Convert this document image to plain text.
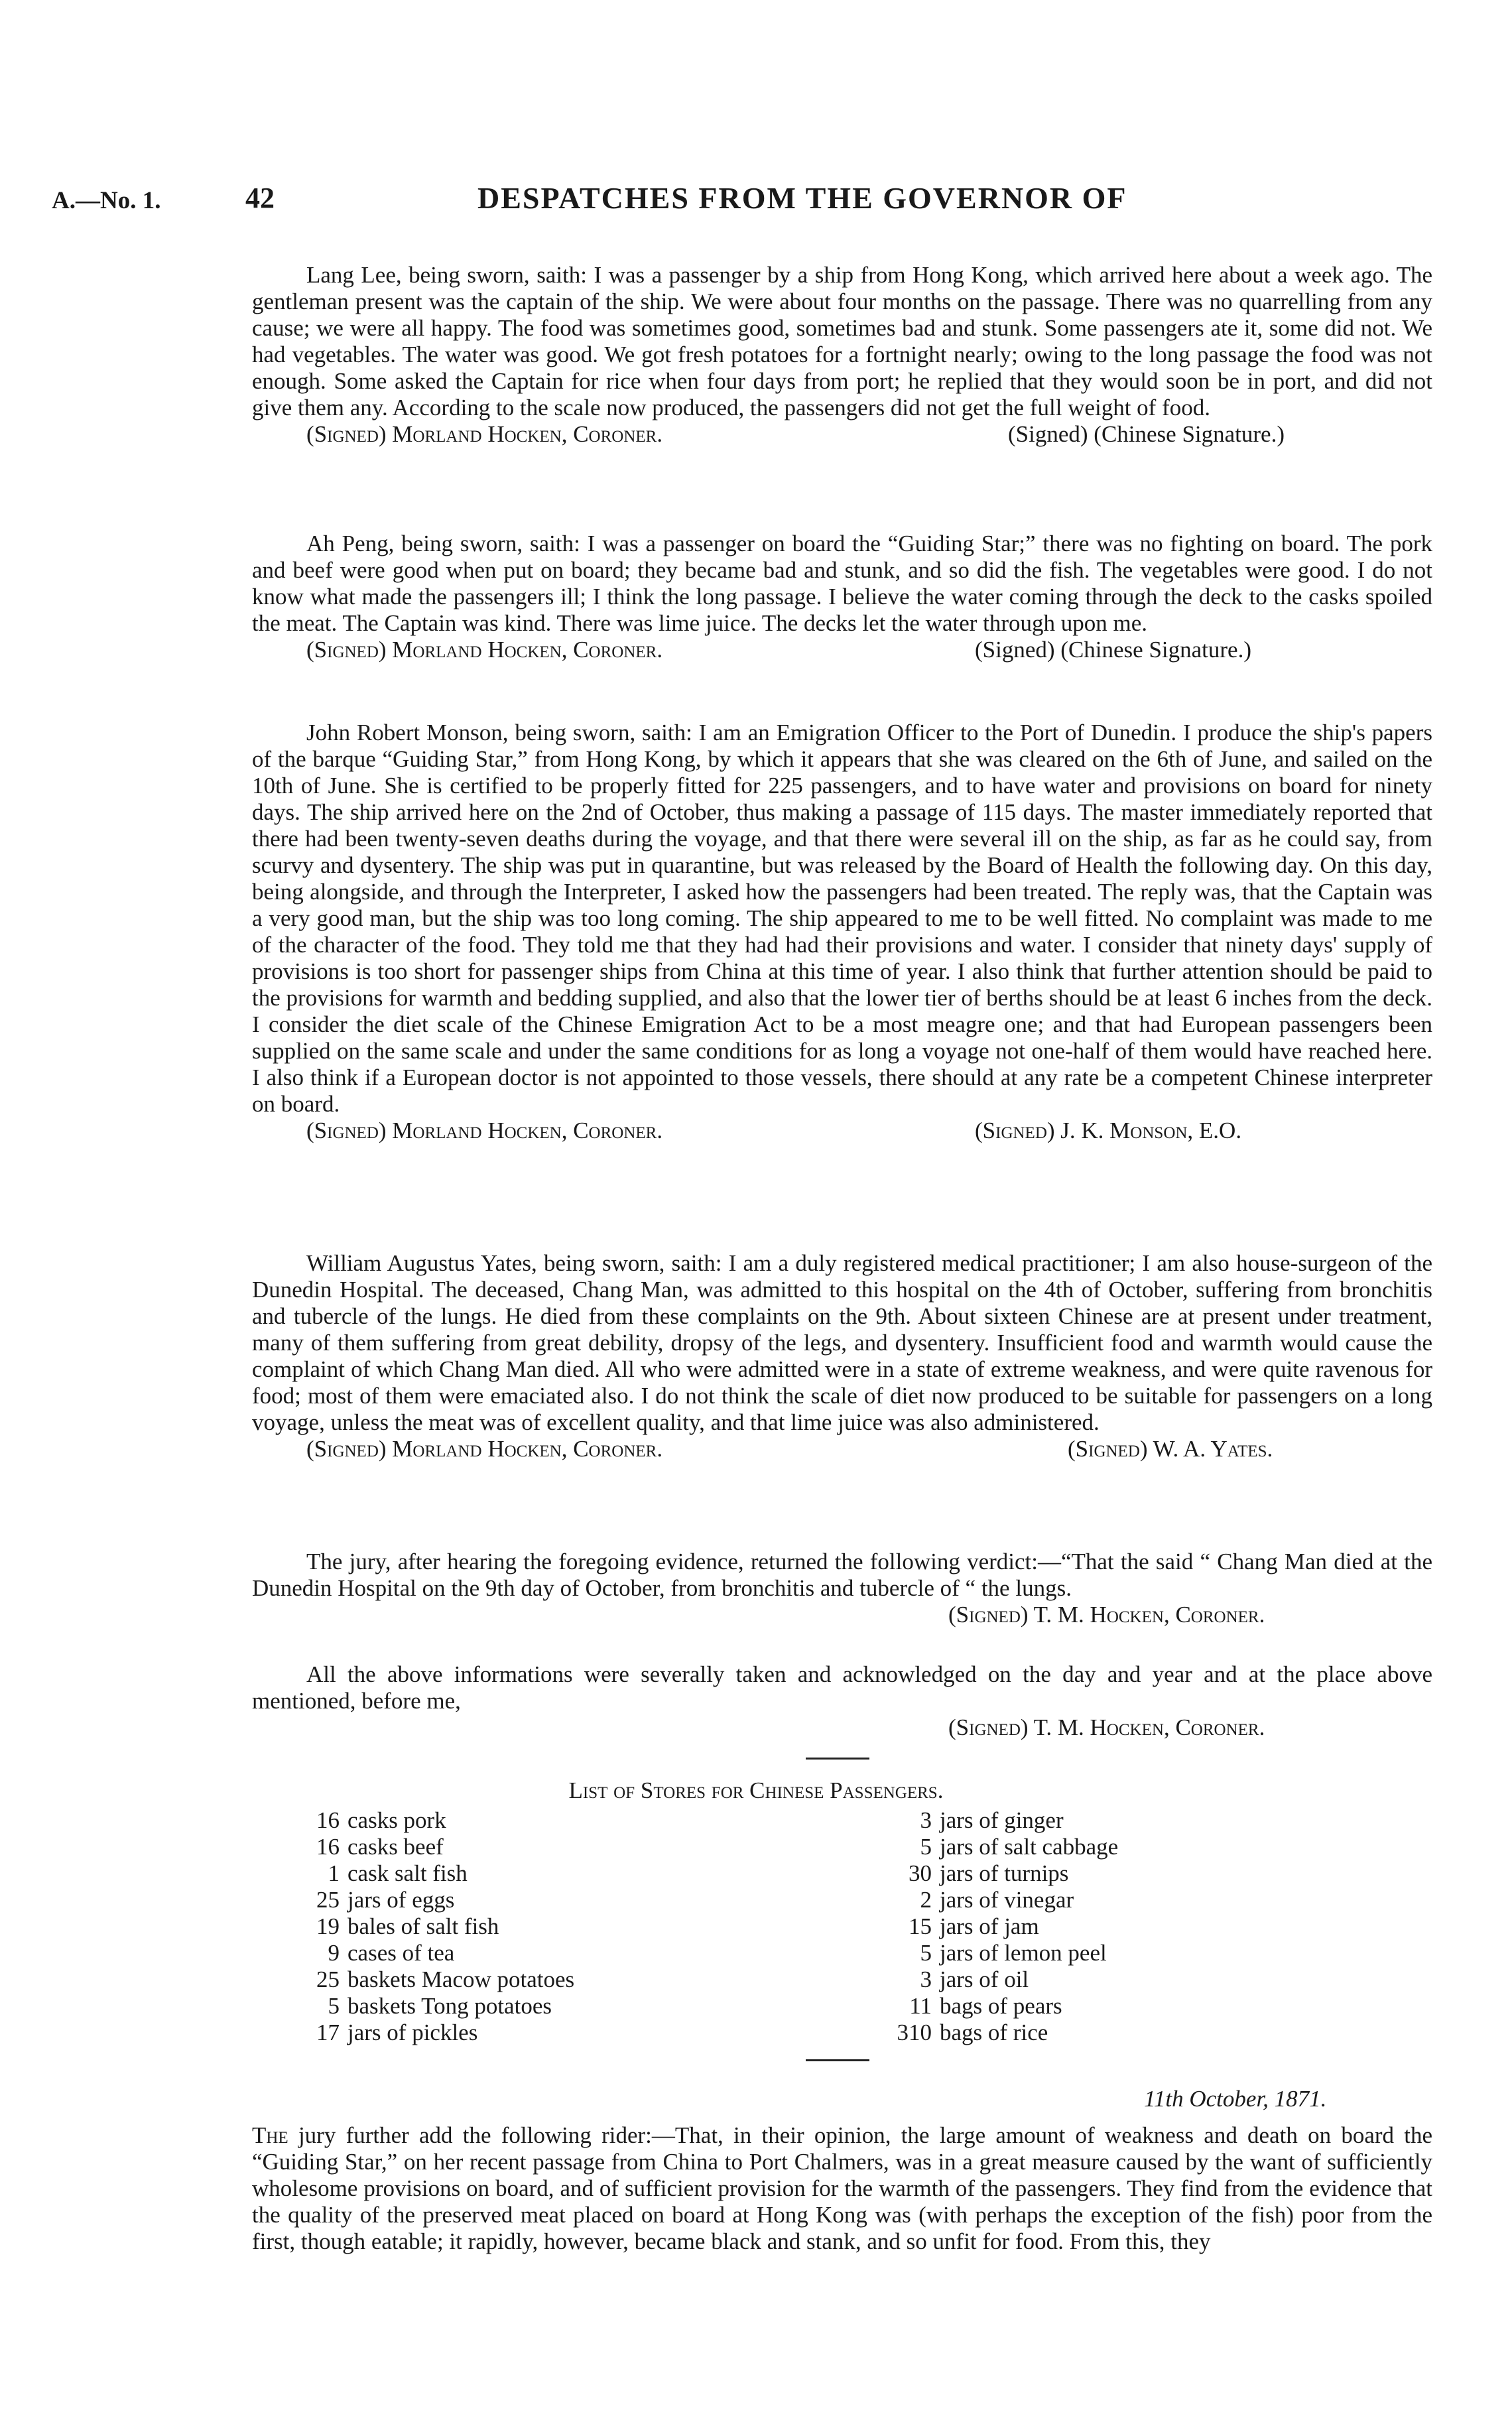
A.—No. 1.	42	DESPATCHES FROM THE GOVERNOR OF

Lang Lee, being sworn, saith: I was a passenger by a ship from Hong Kong, which arrived here about a week ago. The gentleman present was the captain of the ship. We were about four months on the passage. There was no quarrelling from any cause; we were all happy. The food was sometimes good, sometimes bad and stunk. Some passengers ate it, some did not. We had vegetables. The water was good. We got fresh potatoes for a fortnight nearly; owing to the long passage the food was not enough. Some asked the Captain for rice when four days from port; he replied that they would soon be in port, and did not give them any. According to the scale now produced, the passengers did not get the full weight of food.

(Signed) Morland Hocken, Coroner.	(Signed) (Chinese Signature.)

Ah Peng, being sworn, saith: I was a passenger on board the “Guiding Star;” there was no fighting on board. The pork and beef were good when put on board; they became bad and stunk, and so did the fish. The vegetables were good. I do not know what made the passengers ill; I think the long passage. I believe the water coming through the deck to the casks spoiled the meat. The Captain was kind. There was lime juice. The decks let the water through upon me.

(Signed) Morland Hocken, Coroner.	(Signed) (Chinese Signature.)

John Robert Monson, being sworn, saith: I am an Emigration Officer to the Port of Dunedin. I produce the ship's papers of the barque “Guiding Star,” from Hong Kong, by which it appears that she was cleared on the 6th of June, and sailed on the 10th of June. She is certified to be properly fitted for 225 passengers, and to have water and provisions on board for ninety days. The ship arrived here on the 2nd of October, thus making a passage of 115 days. The master immediately reported that there had been twenty-seven deaths during the voyage, and that there were several ill on the ship, as far as he could say, from scurvy and dysentery. The ship was put in quarantine, but was released by the Board of Health the following day. On this day, being alongside, and through the Interpreter, I asked how the passengers had been treated. The reply was, that the Captain was a very good man, but the ship was too long coming. The ship appeared to me to be well fitted. No complaint was made to me of the character of the food. They told me that they had had their provisions and water. I consider that ninety days' supply of provisions is too short for passenger ships from China at this time of year. I also think that further attention should be paid to the provisions for warmth and bedding supplied, and also that the lower tier of berths should be at least 6 inches from the deck. I consider the diet scale of the Chinese Emigration Act to be a most meagre one; and that had European passengers been supplied on the same scale and under the same conditions for as long a voyage not one-half of them would have reached here. I also think if a European doctor is not appointed to those vessels, there should at any rate be a competent Chinese interpreter on board.

(Signed) Morland Hocken, Coroner.	(Signed) J. K. Monson, E.O.

William Augustus Yates, being sworn, saith: I am a duly registered medical practitioner; I am also house-surgeon of the Dunedin Hospital. The deceased, Chang Man, was admitted to this hospital on the 4th of October, suffering from bronchitis and tubercle of the lungs. He died from these complaints on the 9th. About sixteen Chinese are at present under treatment, many of them suffering from great debility, dropsy of the legs, and dysentery. Insufficient food and warmth would cause the complaint of which Chang Man died. All who were admitted were in a state of extreme weakness, and were quite ravenous for food; most of them were emaciated also. I do not think the scale of diet now produced to be suitable for passengers on a long voyage, unless the meat was of excellent quality, and that lime juice was also administered.

(Signed) Morland Hocken, Coroner.	(Signed) W. A. Yates.

The jury, after hearing the foregoing evidence, returned the following verdict:—“That the said “ Chang Man died at the Dunedin Hospital on the 9th day of October, from bronchitis and tubercle of “ the lungs.

(Signed) T. M. Hocken, Coroner.

All the above informations were severally taken and acknowledged on the day and year and at the place above mentioned, before me,

(Signed) T. M. Hocken, Coroner.
List of Stores for Chinese Passengers.
16 casks pork
16 casks beef
1 cask salt fish
25 jars of eggs
19 bales of salt fish
9 cases of tea
25 baskets Macow potatoes
5 baskets Tong potatoes
17 jars of pickles
3 jars of ginger
5 jars of salt cabbage
30 jars of turnips
2 jars of vinegar
15 jars of jam
5 jars of lemon peel
3 jars of oil
11 bags of pears
310 bags of rice
11th October, 1871.

The jury further add the following rider:—That, in their opinion, the large amount of weakness and death on board the “Guiding Star,” on her recent passage from China to Port Chalmers, was in a great measure caused by the want of sufficiently wholesome provisions on board, and of sufficient provision for the warmth of the passengers. They find from the evidence that the quality of the preserved meat placed on board at Hong Kong was (with perhaps the exception of the fish) poor from the first, though eatable; it rapidly, however, became black and stank, and so unfit for food. From this, they
